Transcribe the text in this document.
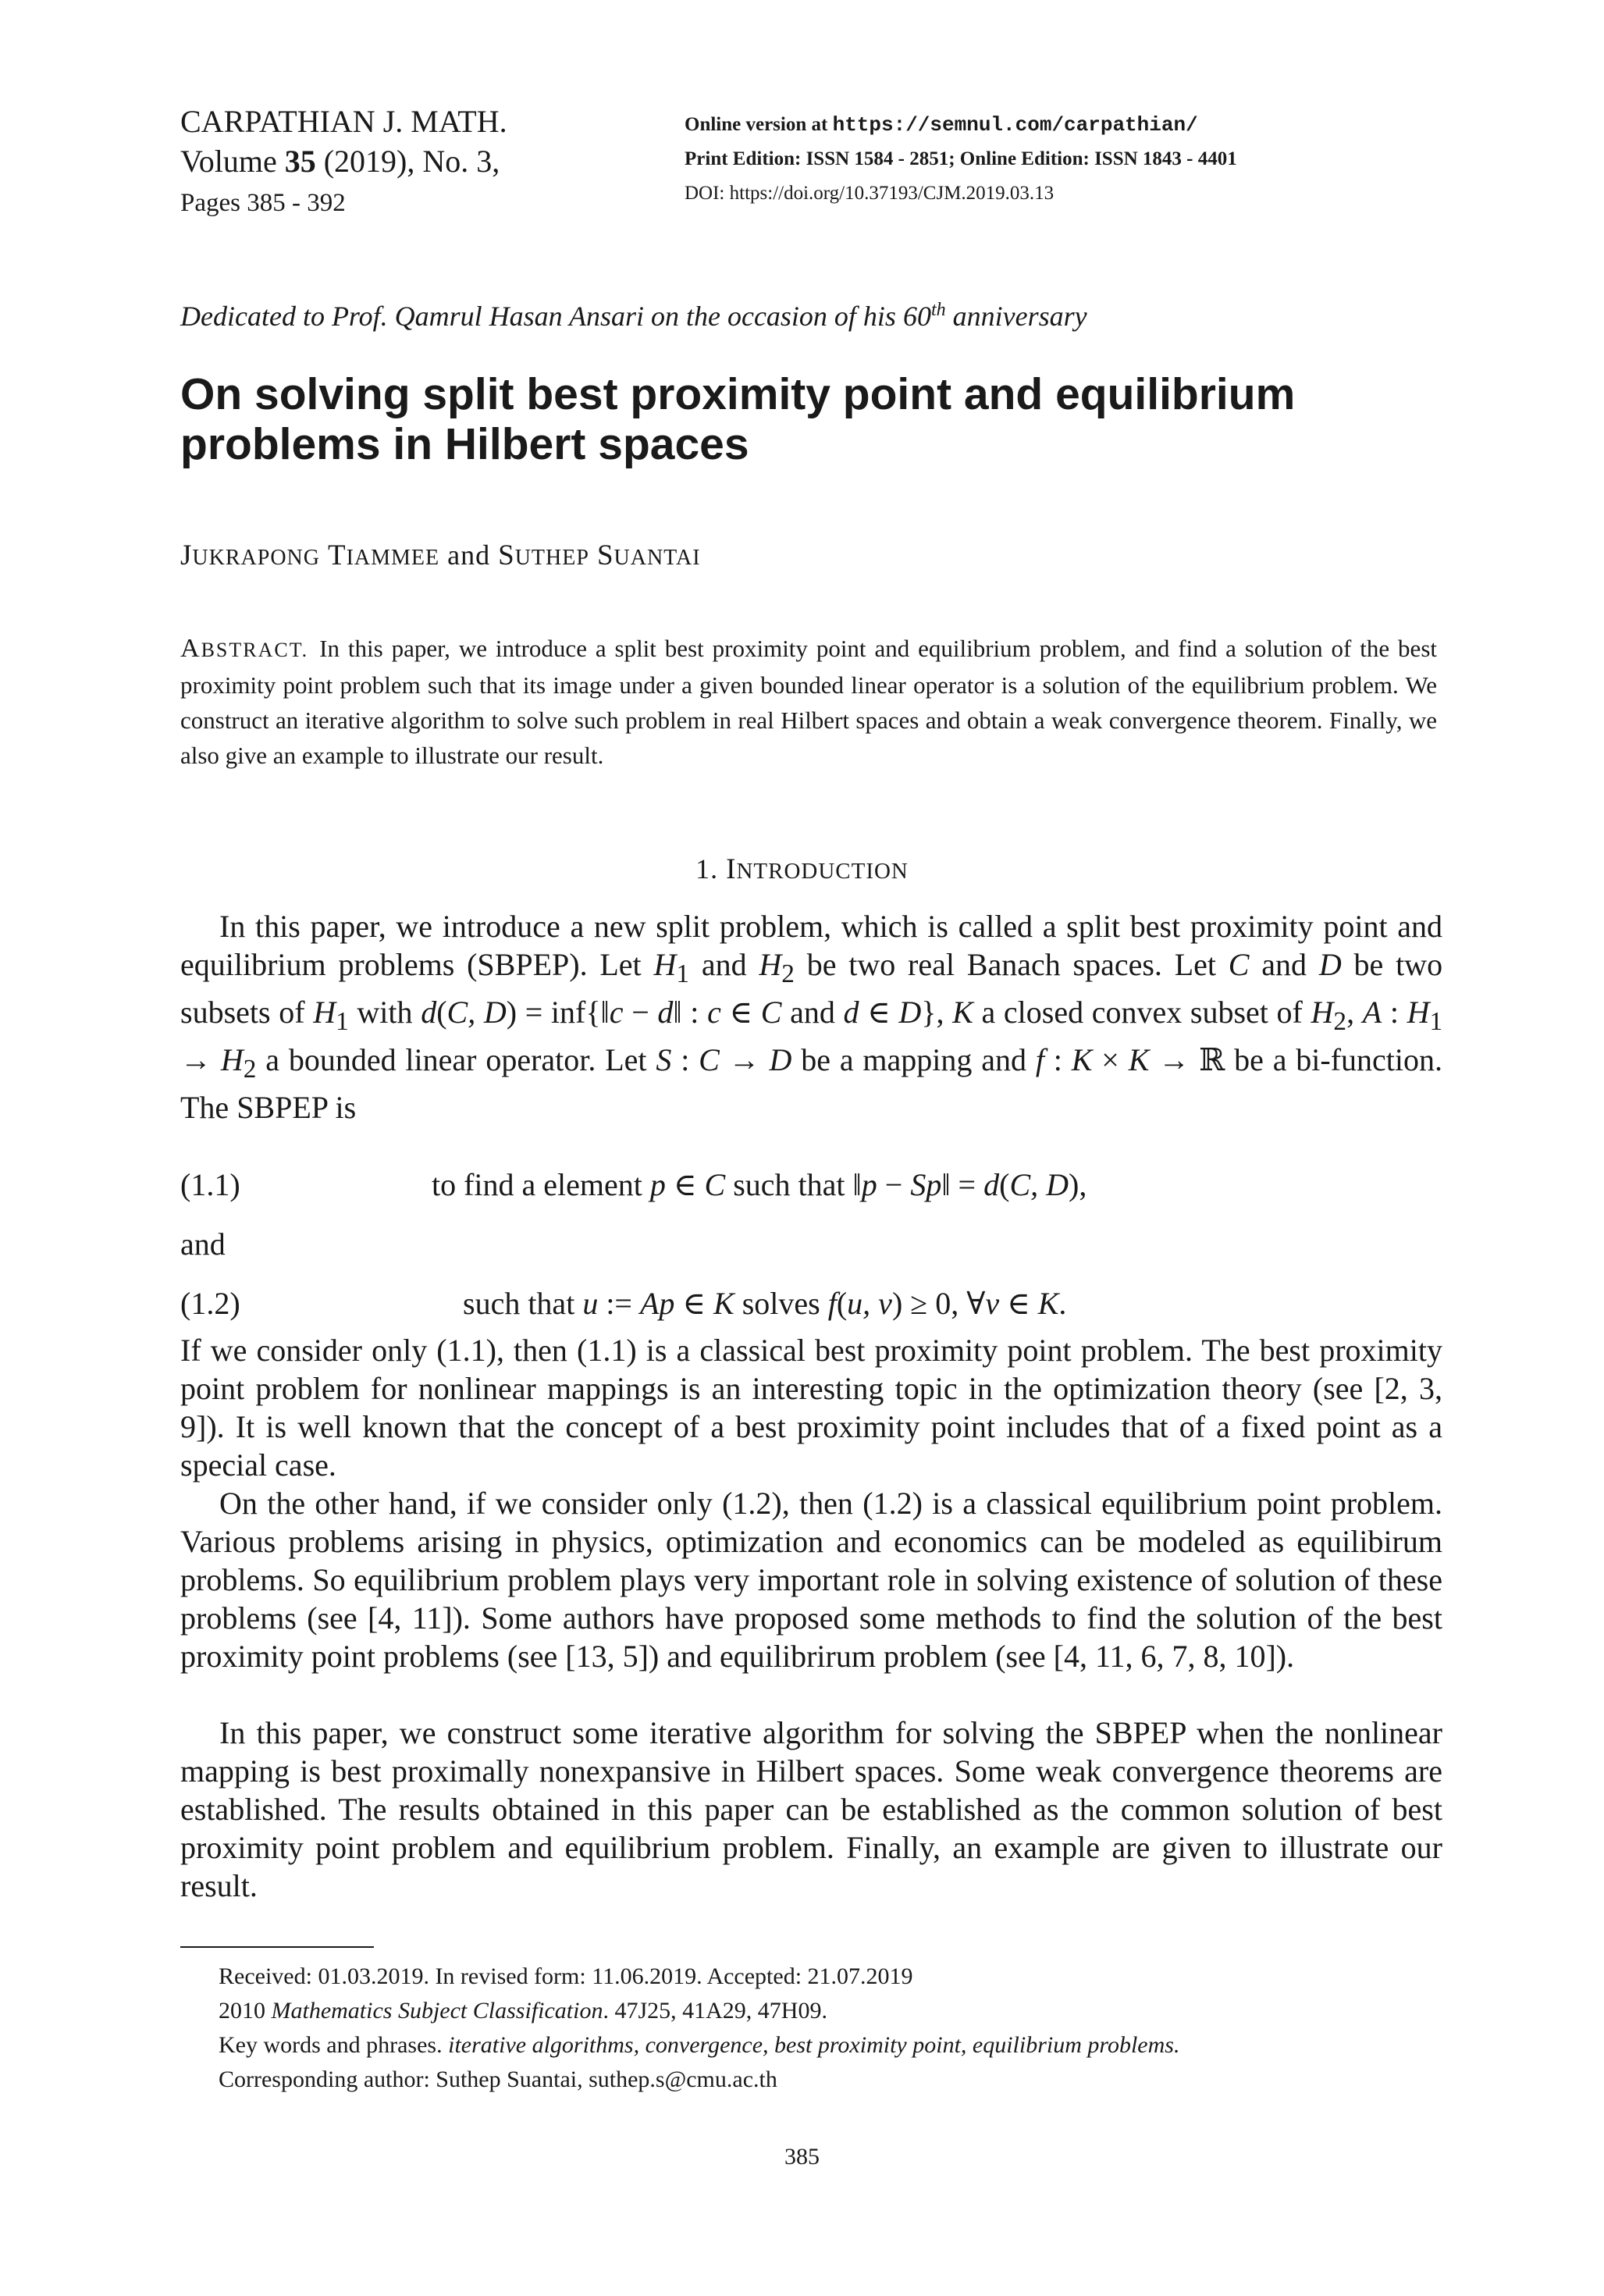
CARPATHIAN J. MATH.
Volume 35 (2019), No. 3,
Pages 385 - 392
Online version at https://semnul.com/carpathian/
Print Edition: ISSN 1584 - 2851; Online Edition: ISSN 1843 - 4401
DOI: https://doi.org/10.37193/CJM.2019.03.13
Dedicated to Prof. Qamrul Hasan Ansari on the occasion of his 60th anniversary
On solving split best proximity point and equilibrium problems in Hilbert spaces
JUKRAPONG TIAMMEE and SUTHEP SUANTAI
ABSTRACT. In this paper, we introduce a split best proximity point and equilibrium problem, and find a solution of the best proximity point problem such that its image under a given bounded linear operator is a solution of the equilibrium problem. We construct an iterative algorithm to solve such problem in real Hilbert spaces and obtain a weak convergence theorem. Finally, we also give an example to illustrate our result.
1. INTRODUCTION

In this paper, we introduce a new split problem, which is called a split best proximity point and equilibrium problems (SBPEP). Let $H_1$ and $H_2$ be two real Banach spaces. Let C and D be two subsets of $H_1$ with d(C, D) = inf{‖c − d‖ : c ∈ C and d ∈ D}, K a closed convex subset of $H_2$, A : $H_1 \to H_2$ a bounded linear operator. Let S : C → D be a mapping and f : K × K → ℝ be a bi-function. The SBPEP is

(1.1)	to find a element p ∈ C such that ‖p − Sp‖ = d(C, D),
and
(1.2)	such that u := Ap ∈ K solves f(u, v) ≥ 0, ∀v ∈ K.

If we consider only (1.1), then (1.1) is a classical best proximity point problem. The best proximity point problem for nonlinear mappings is an interesting topic in the optimization theory (see [2, 3, 9]). It is well known that the concept of a best proximity point includes that of a fixed point as a special case.

On the other hand, if we consider only (1.2), then (1.2) is a classical equilibrium point problem. Various problems arising in physics, optimization and economics can be modeled as equilibirum problems. So equilibrium problem plays very important role in solving existence of solution of these problems (see [4, 11]). Some authors have proposed some methods to find the solution of the best proximity point problems (see [13, 5]) and equilibrirum problem (see [4, 11, 6, 7, 8, 10]).

In this paper, we construct some iterative algorithm for solving the SBPEP when the nonlinear mapping is best proximally nonexpansive in Hilbert spaces. Some weak convergence theorems are established. The results obtained in this paper can be established as the common solution of best proximity point problem and equilibrium problem. Finally, an example are given to illustrate our result.

Received: 01.03.2019. In revised form: 11.06.2019. Accepted: 21.07.2019
2010 Mathematics Subject Classification. 47J25, 41A29, 47H09.
Key words and phrases. iterative algorithms, convergence, best proximity point, equilibrium problems.
Corresponding author: Suthep Suantai, suthep.s@cmu.ac.th
385
